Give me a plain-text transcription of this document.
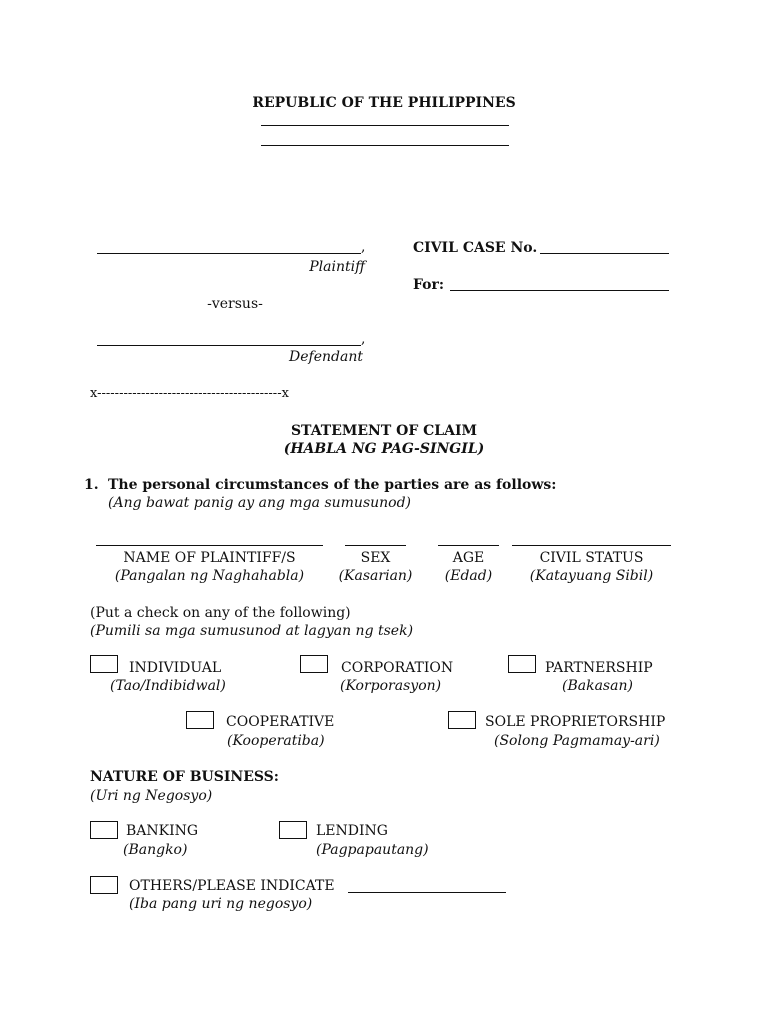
REPUBLIC OF THE PHILIPPINES
,
Plaintiff
-versus-
,
Defendant
x------------------------------------------x
CIVIL CASE No.
For:
STATEMENT OF CLAIM
(HABLA NG PAG-SINGIL)
1. The personal circumstances of the parties are as follows:
(Ang bawat panig ay ang mga sumusunod)
NAME OF PLAINTIFF/S	SEX	AGE	CIVIL STATUS
(Pangalan ng Naghahabla)	(Kasarian)	(Edad)	(Katayuang Sibil)
(Put a check on any of the following)
(Pumili sa mga sumusunod at lagyan ng tsek)
INDIVIDUAL
(Tao/Indibidwal)
CORPORATION
(Korporasyon)
PARTNERSHIP
(Bakasan)
COOPERATIVE
(Kooperatiba)
SOLE PROPRIETORSHIP
(Solong Pagmamay-ari)
NATURE OF BUSINESS:
(Uri ng Negosyo)
BANKING
(Bangko)
LENDING
(Pagpapautang)
OTHERS/PLEASE INDICATE
(Iba pang uri ng negosyo)
